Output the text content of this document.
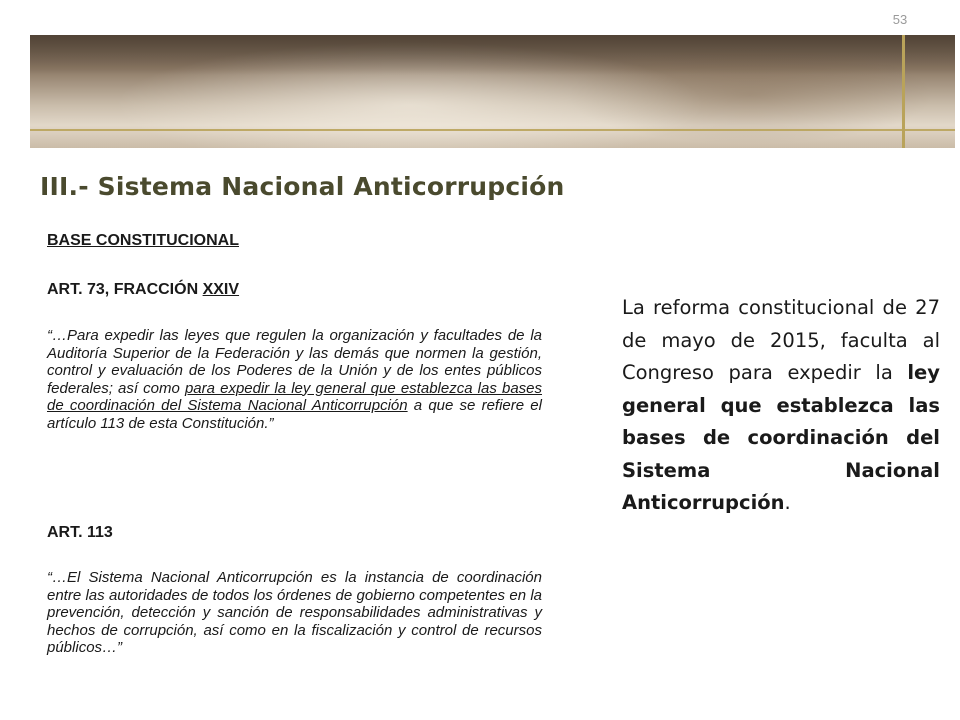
53
III.- Sistema Nacional Anticorrupción

BASE CONSTITUCIONAL

ART. 73, FRACCIÓN XXIV

“…Para expedir las leyes que regulen la organización y facultades de la Auditoría Superior de la Federación y las demás que normen la gestión, control y evaluación de los Poderes de la Unión y de los entes públicos federales; así como para expedir la ley general que establezca las bases de coordinación del Sistema Nacional Anticorrupción a que se refiere el artículo 113 de esta Constitución.”

ART. 113

“…El Sistema Nacional Anticorrupción es la instancia de coordinación entre las autoridades de todos los órdenes de gobierno competentes en la prevención, detección y sanción de responsabilidades administrativas y hechos de corrupción, así como en la fiscalización y control de recursos públicos…”

La reforma constitucional de 27 de mayo de 2015, faculta al Congreso para expedir la ley general que establezca las bases de coordinación del Sistema Nacional Anticorrupción.
